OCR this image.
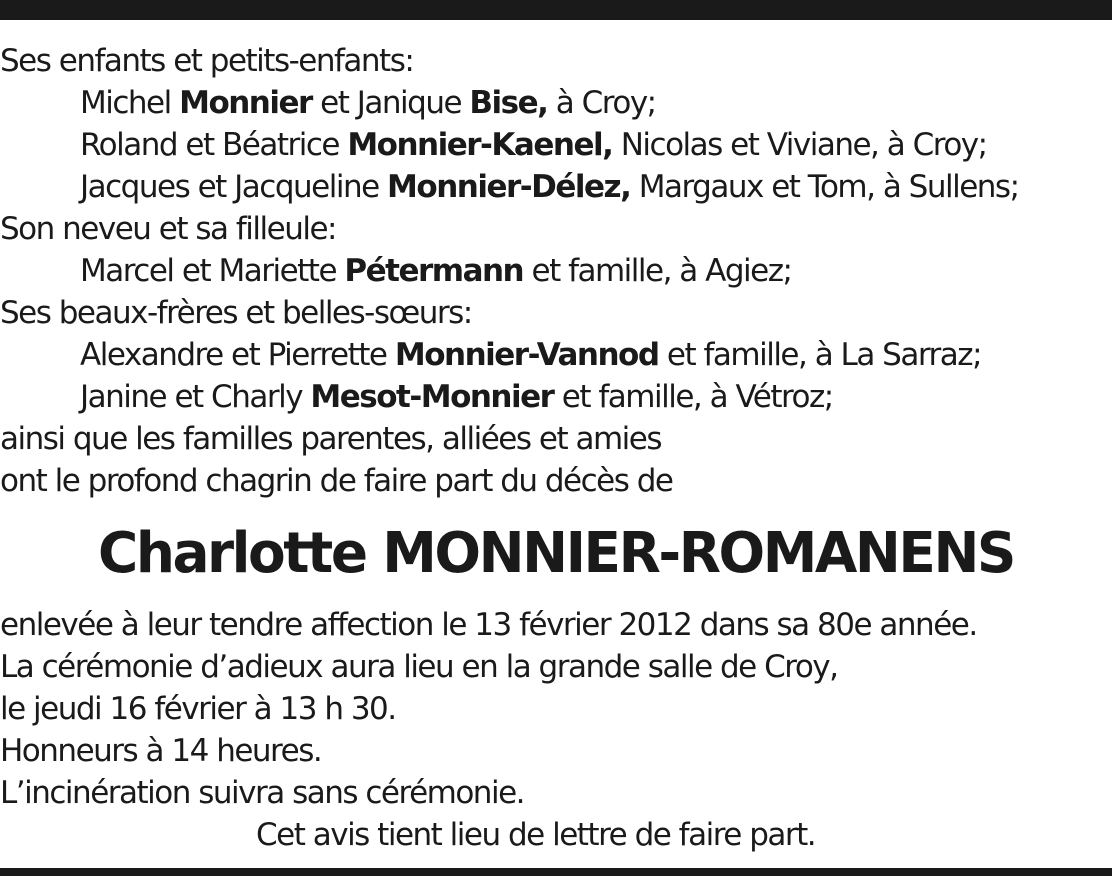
Ses enfants et petits-enfants:
Michel Monnier et Janique Bise, à Croy;
Roland et Béatrice Monnier-Kaenel, Nicolas et Viviane, à Croy;
Jacques et Jacqueline Monnier-Délez, Margaux et Tom, à Sullens;
Son neveu et sa filleule:
Marcel et Mariette Pétermann et famille, à Agiez;
Ses beaux-frères et belles-sœurs:
Alexandre et Pierrette Monnier-Vannod et famille, à La Sarraz;
Janine et Charly Mesot-Monnier et famille, à Vétroz;
ainsi que les familles parentes, alliées et amies
ont le profond chagrin de faire part du décès de
Charlotte MONNIER-ROMANENS
enlevée à leur tendre affection le 13 février 2012 dans sa 80e année.
La cérémonie d’adieux aura lieu en la grande salle de Croy,
le jeudi 16 février à 13 h 30.
Honneurs à 14 heures.
L’incinération suivra sans cérémonie.
Cet avis tient lieu de lettre de faire part.
